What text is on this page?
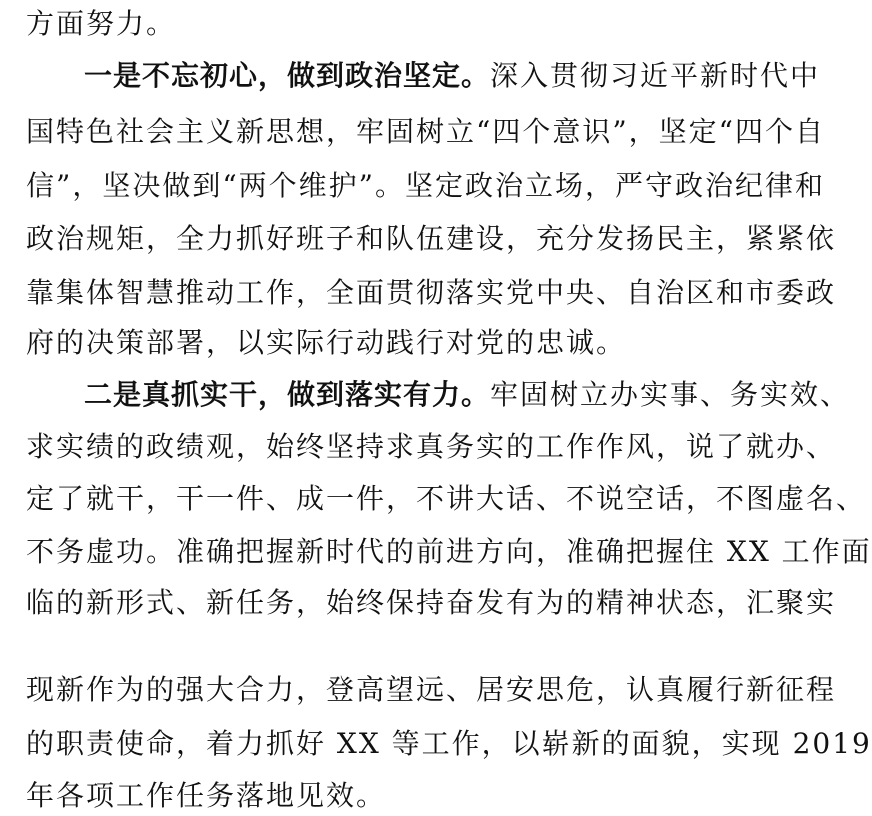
方面努力。
一是不忘初心，做到政治坚定。深入贯彻习近平新时代中
国特色社会主义新思想，牢固树立“四个意识”，坚定“四个自
信”，坚决做到“两个维护”。坚定政治立场，严守政治纪律和
政治规矩，全力抓好班子和队伍建设，充分发扬民主，紧紧依
靠集体智慧推动工作，全面贯彻落实党中央、自治区和市委政
府的决策部署，以实际行动践行对党的忠诚。
二是真抓实干，做到落实有力。牢固树立办实事、务实效、
求实绩的政绩观，始终坚持求真务实的工作作风，说了就办、
定了就干，干一件、成一件，不讲大话、不说空话，不图虚名、
不务虚功。准确把握新时代的前进方向，准确把握住 XX 工作面
临的新形式、新任务，始终保持奋发有为的精神状态，汇聚实
现新作为的强大合力，登高望远、居安思危，认真履行新征程
的职责使命，着力抓好 XX 等工作，以崭新的面貌，实现 2019
年各项工作任务落地见效。
